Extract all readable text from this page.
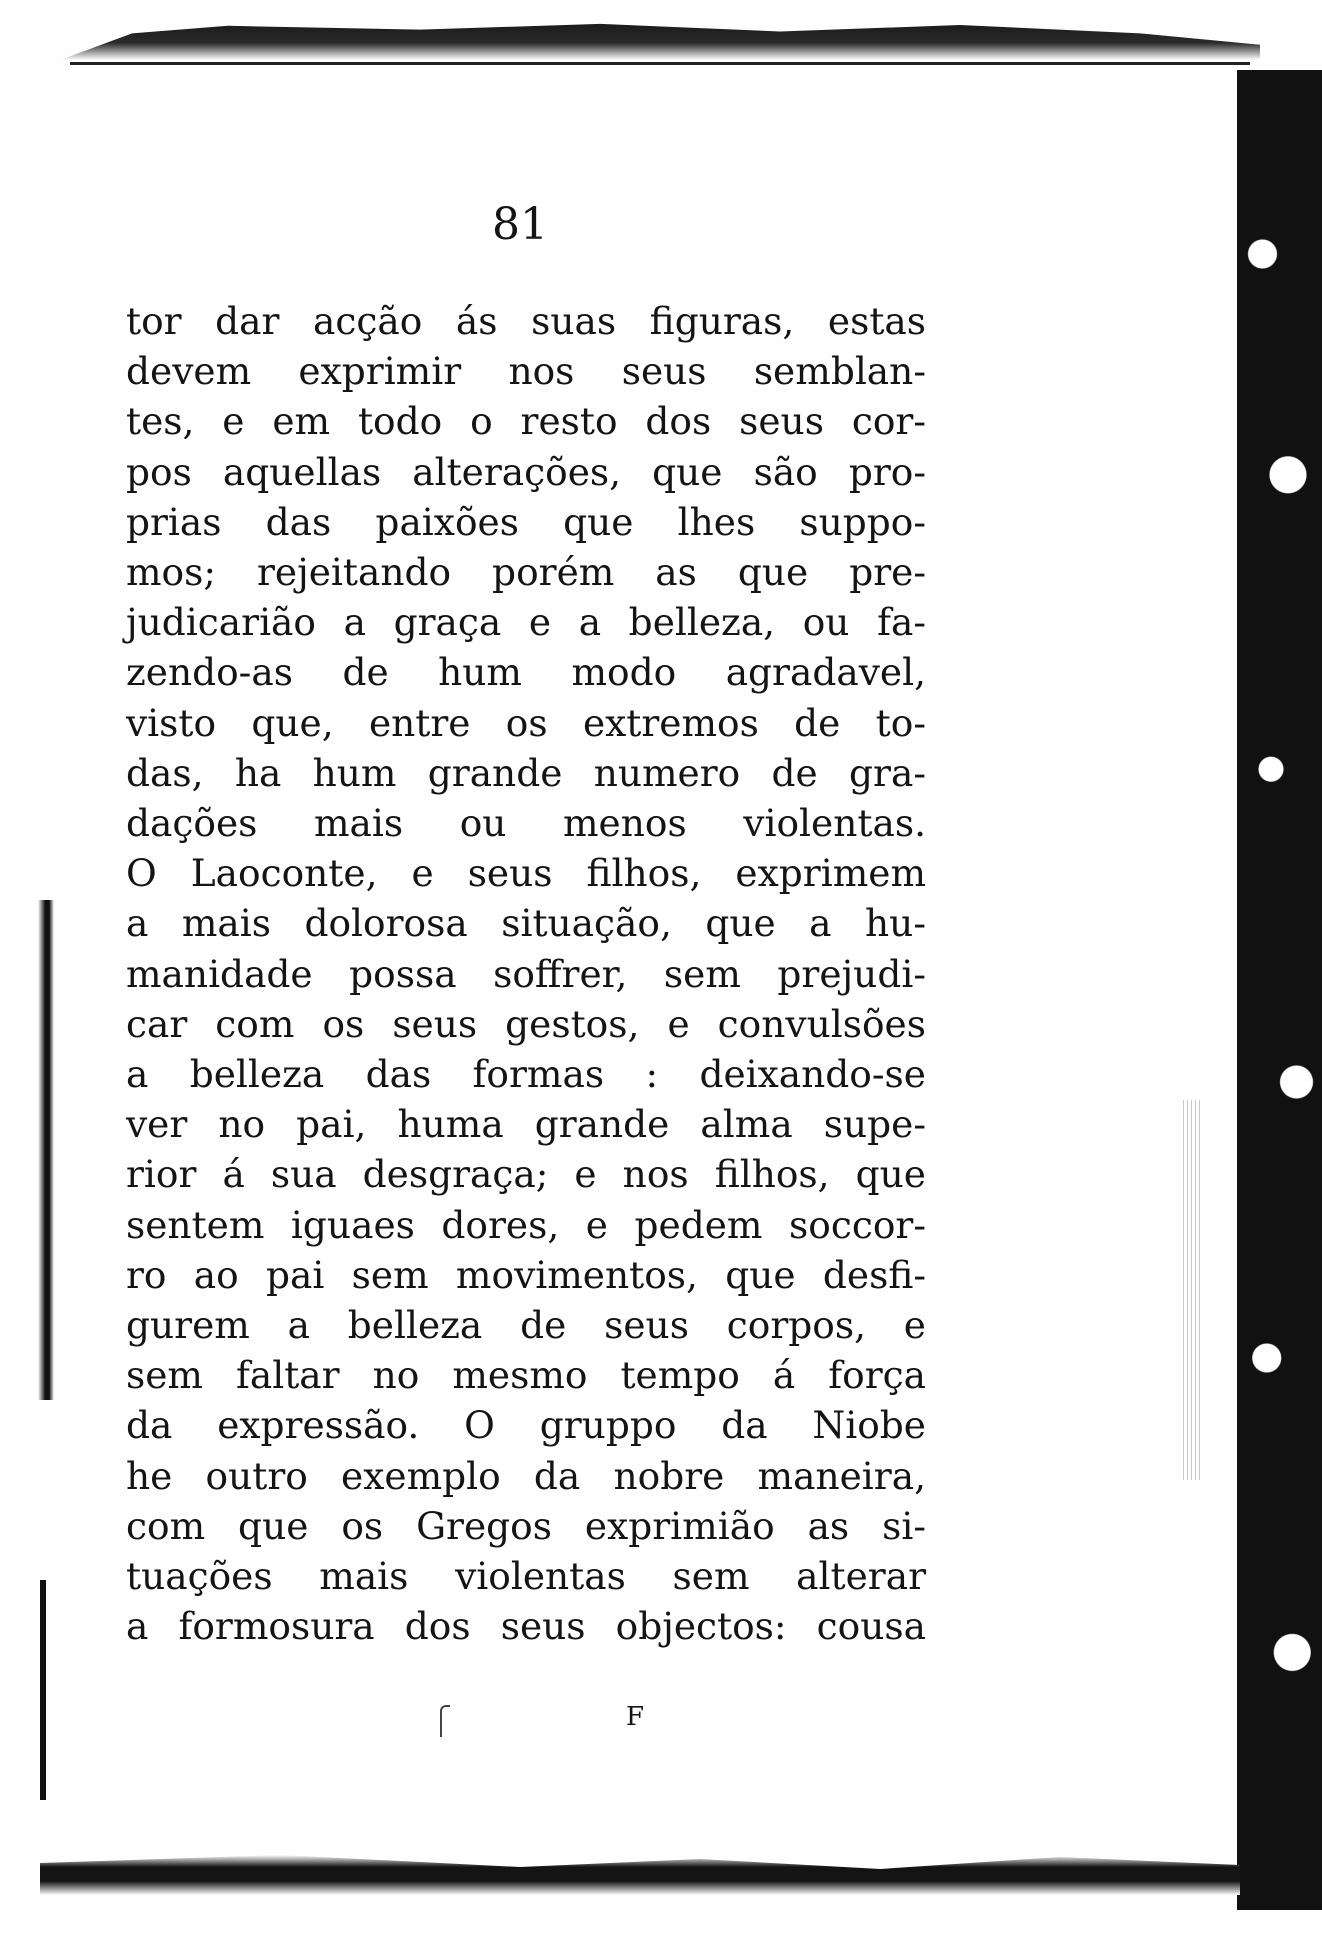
81
tor dar acção ás suas figuras, estas
devem exprimir nos seus semblan-
tes, e em todo o resto dos seus cor-
pos aquellas alterações, que são pro-
prias das paixões que lhes suppo-
mos; rejeitando porém as que pre-
judicarião a graça e a belleza, ou fa-
zendo-as de hum modo agradavel,
visto que, entre os extremos de to-
das, ha hum grande numero de gra-
dações mais ou menos violentas.
O Laoconte, e seus filhos, exprimem
a mais dolorosa situação, que a hu-
manidade possa soffrer, sem prejudi-
car com os seus gestos, e convulsões
a belleza das formas : deixando-se
ver no pai, huma grande alma supe-
rior á sua desgraça; e nos filhos, que
sentem iguaes dores, e pedem soccor-
ro ao pai sem movimentos, que desfi-
gurem a belleza de seus corpos, e
sem faltar no mesmo tempo á força
da expressão. O gruppo da Niobe
he outro exemplo da nobre maneira,
com que os Gregos exprimião as si-
tuações mais violentas sem alterar
a formosura dos seus objectos: cousa
F
